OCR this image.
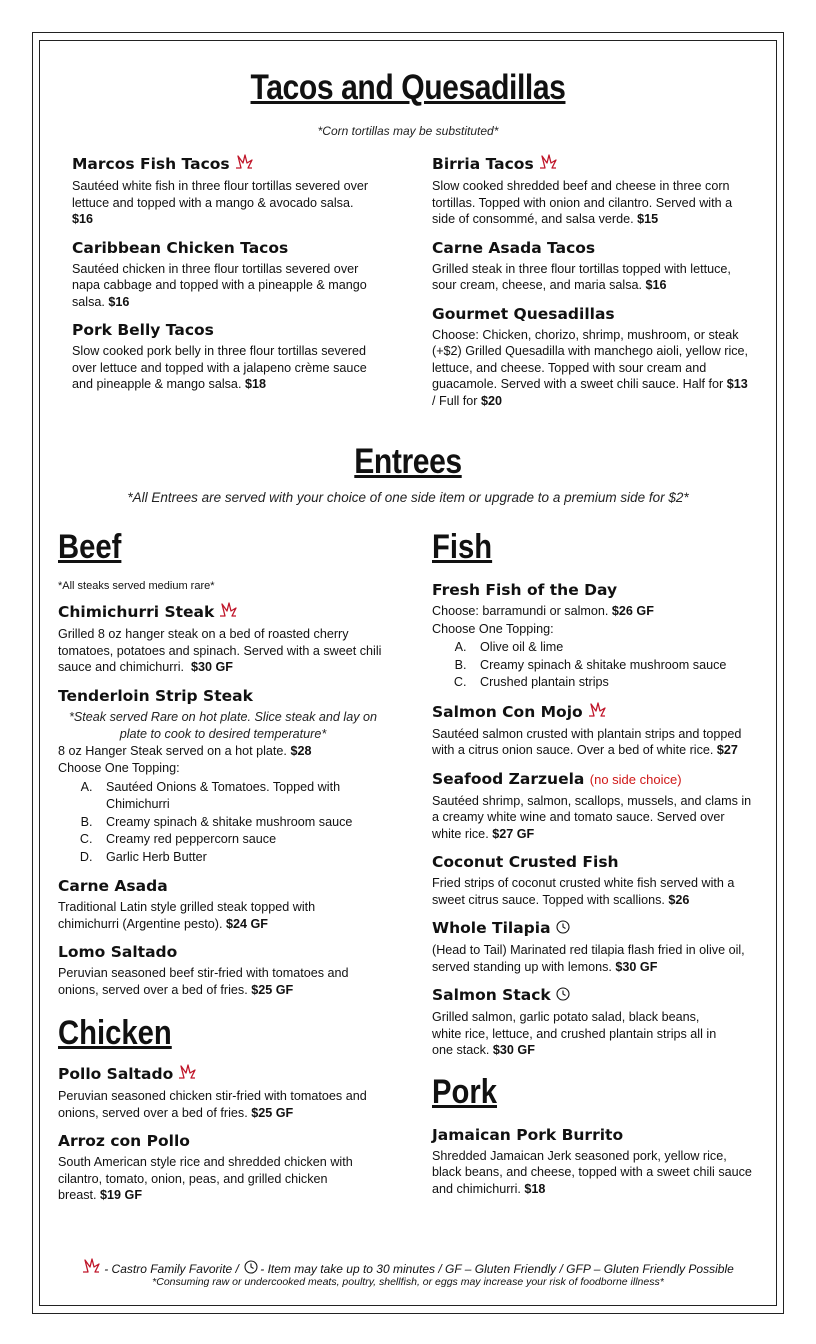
Tacos and Quesadillas
*Corn tortillas may be substituted*
Marcos Fish Tacos

Sautéed white fish in three flour tortillas severed over lettuce and topped with a mango & avocado salsa. $16

Caribbean Chicken Tacos

Sautéed chicken in three flour tortillas severed over napa cabbage and topped with a pineapple & mango salsa. $16

Pork Belly Tacos

Slow cooked pork belly in three flour tortillas severed over lettuce and topped with a jalapeno crème sauce and pineapple & mango salsa. $18

Birria Tacos

Slow cooked shredded beef and cheese in three corn tortillas. Topped with onion and cilantro. Served with a side of consommé, and salsa verde. $15

Carne Asada Tacos

Grilled steak in three flour tortillas topped with lettuce, sour cream, cheese, and maria salsa. $16

Gourmet Quesadillas

Choose: Chicken, chorizo, shrimp, mushroom, or steak (+$2) Grilled Quesadilla with manchego aioli, yellow rice, lettuce, and cheese. Topped with sour cream and guacamole. Served with a sweet chili sauce. Half for $13 / Full for $20

Entrees
*All Entrees are served with your choice of one side item or upgrade to a premium side for $2*
Beef
*All steaks served medium rare*
Chimichurri Steak

Grilled 8 oz hanger steak on a bed of roasted cherry tomatoes, potatoes and spinach. Served with a sweet chili sauce and chimichurri. $30 GF

Tenderloin Strip Steak
*Steak served Rare on hot plate. Slice steak and lay on plate to cook to desired temperature*

8 oz Hanger Steak served on a hot plate. $28

Choose One Topping:

A. Sautéed Onions & Tomatoes. Topped with Chimichurri
B. Creamy spinach & shitake mushroom sauce
C. Creamy red peppercorn sauce
D. Garlic Herb Butter
Carne Asada

Traditional Latin style grilled steak topped with chimichurri (Argentine pesto). $24 GF

Lomo Saltado

Peruvian seasoned beef stir-fried with tomatoes and onions, served over a bed of fries. $25 GF

Chicken
Pollo Saltado

Peruvian seasoned chicken stir-fried with tomatoes and onions, served over a bed of fries. $25 GF

Arroz con Pollo

South American style rice and shredded chicken with cilantro, tomato, onion, peas, and grilled chicken breast. $19 GF

Fish
Fresh Fish of the Day

Choose: barramundi or salmon. $26 GF

Choose One Topping:

A. Olive oil & lime
B. Creamy spinach & shitake mushroom sauce
C. Crushed plantain strips
Salmon Con Mojo

Sautéed salmon crusted with plantain strips and topped with a citrus onion sauce. Over a bed of white rice. $27

Seafood Zarzuela (no side choice)

Sautéed shrimp, salmon, scallops, mussels, and clams in a creamy white wine and tomato sauce. Served over white rice. $27 GF

Coconut Crusted Fish

Fried strips of coconut crusted white fish served with a sweet citrus sauce. Topped with scallions. $26

Whole Tilapia

(Head to Tail) Marinated red tilapia flash fried in olive oil, served standing up with lemons. $30 GF

Salmon Stack

Grilled salmon, garlic potato salad, black beans, white rice, lettuce, and crushed plantain strips all in one stack. $30 GF

Pork
Jamaican Pork Burrito

Shredded Jamaican Jerk seasoned pork, yellow rice, black beans, and cheese, topped with a sweet chili sauce and chimichurri. $18

- Castro Family Favorite / - Item may take up to 30 minutes / GF – Gluten Friendly / GFP – Gluten Friendly Possible
*Consuming raw or undercooked meats, poultry, shellfish, or eggs may increase your risk of foodborne illness*
